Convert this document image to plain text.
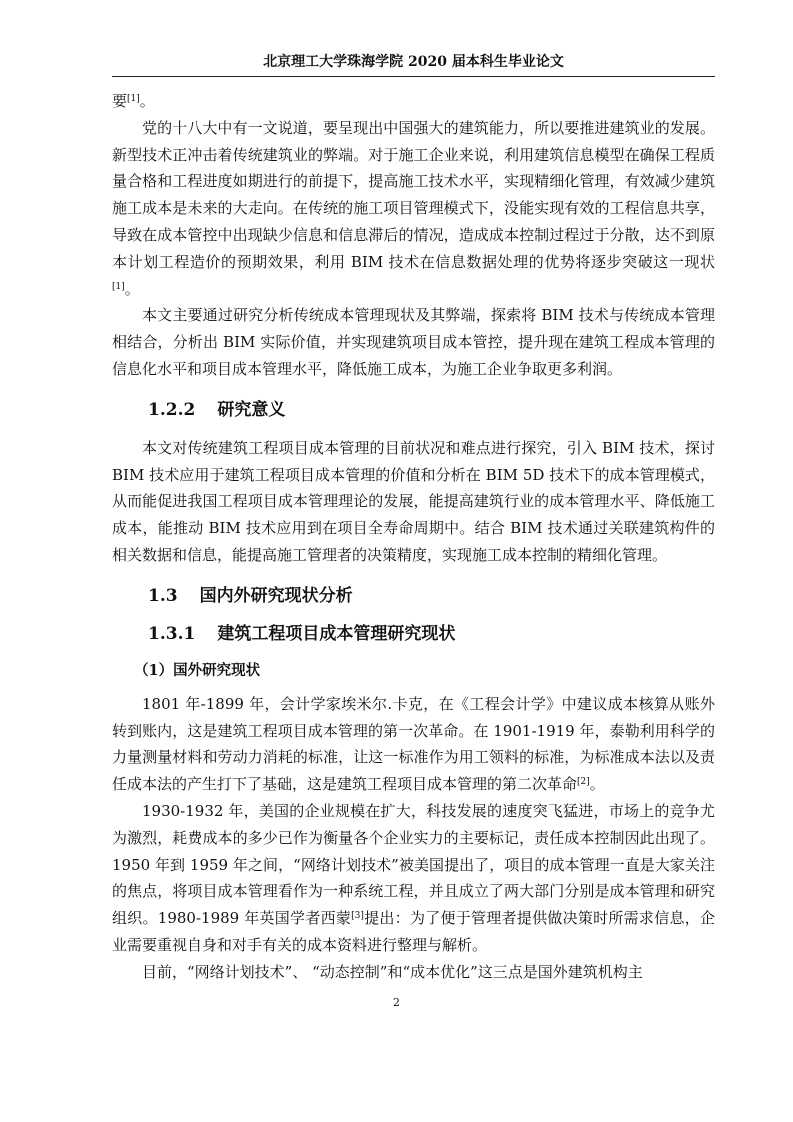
北京理工大学珠海学院 2020 届本科生毕业论文

要[1]。

党的十八大中有一文说道，要呈现出中国强大的建筑能力，所以要推进建筑业的发展。新型技术正冲击着传统建筑业的弊端。对于施工企业来说，利用建筑信息模型在确保工程质量合格和工程进度如期进行的前提下，提高施工技术水平，实现精细化管理，有效减少建筑施工成本是未来的大走向。在传统的施工项目管理模式下，没能实现有效的工程信息共享，导致在成本管控中出现缺少信息和信息滞后的情况，造成成本控制过程过于分散，达不到原本计划工程造价的预期效果，利用 BIM 技术在信息数据处理的优势将逐步突破这一现状[1]。

本文主要通过研究分析传统成本管理现状及其弊端，探索将 BIM 技术与传统成本管理相结合，分析出 BIM 实际价值，并实现建筑项目成本管控，提升现在建筑工程成本管理的信息化水平和项目成本管理水平，降低施工成本，为施工企业争取更多利润。

1.2.2 研究意义

本文对传统建筑工程项目成本管理的目前状况和难点进行探究，引入 BIM 技术，探讨 BIM 技术应用于建筑工程项目成本管理的价值和分析在 BIM 5D 技术下的成本管理模式，从而能促进我国工程项目成本管理理论的发展，能提高建筑行业的成本管理水平、降低施工成本，能推动 BIM 技术应用到在项目全寿命周期中。结合 BIM 技术通过关联建筑构件的相关数据和信息，能提高施工管理者的决策精度，实现施工成本控制的精细化管理。

1.3 国内外研究现状分析
1.3.1 建筑工程项目成本管理研究现状
（1）国外研究现状

1801 年-1899 年，会计学家埃米尔.卡克，在《工程会计学》中建议成本核算从账外转到账内，这是建筑工程项目成本管理的第一次革命。在 1901-1919 年，泰勒利用科学的力量测量材料和劳动力消耗的标准，让这一标准作为用工领料的标准，为标准成本法以及责任成本法的产生打下了基础，这是建筑工程项目成本管理的第二次革命[2]。

1930-1932 年，美国的企业规模在扩大，科技发展的速度突飞猛进，市场上的竞争尤为激烈，耗费成本的多少已作为衡量各个企业实力的主要标记，责任成本控制因此出现了。1950 年到 1959 年之间，“网络计划技术”被美国提出了，项目的成本管理一直是大家关注的焦点，将项目成本管理看作为一种系统工程，并且成立了两大部门分别是成本管理和研究组织。1980-1989 年英国学者西蒙[3]提出：为了便于管理者提供做决策时所需求信息，企业需要重视自身和对手有关的成本资料进行整理与解析。

目前，“网络计划技术”、 “动态控制”和“成本优化”这三点是国外建筑机构主

2
